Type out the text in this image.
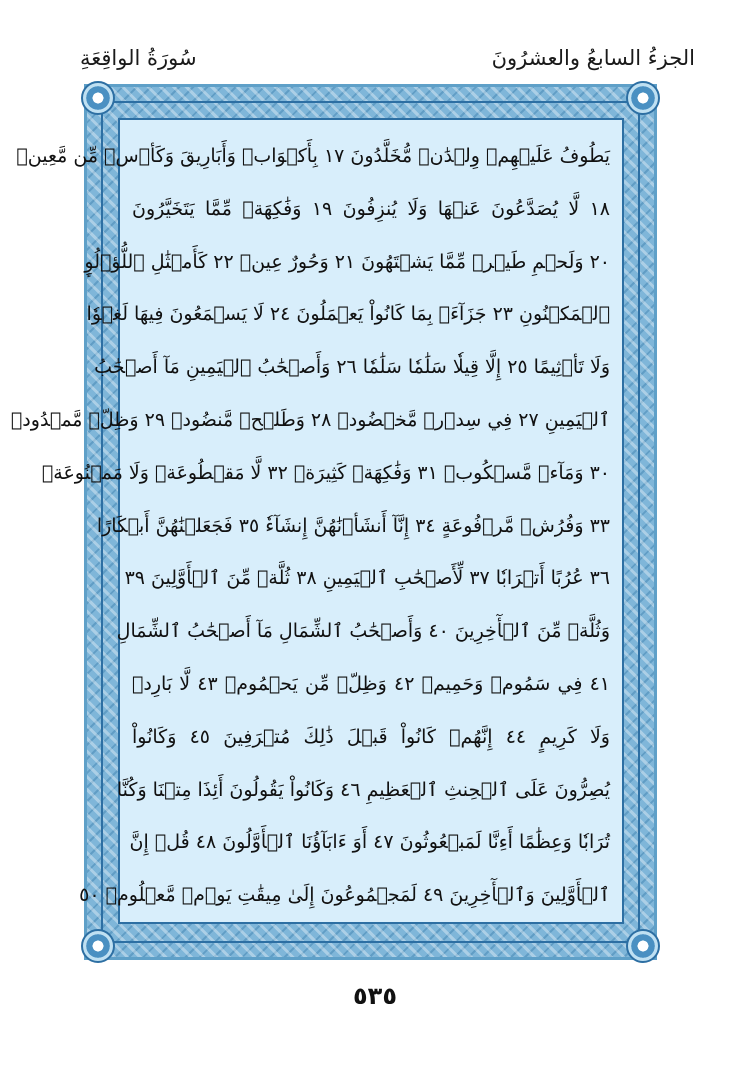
الجزءُ السابعُ والعشرُونَ
سُورَةُ الواقِعَةِ
يَطُوفُ عَلَيۡهِمۡ وِلۡدَٰنٞ مُّخَلَّدُونَ ١٧ بِأَكۡوَابٖ وَأَبَارِيقَ وَكَأۡسٖ مِّن مَّعِينٖ
١٨ لَّا يُصَدَّعُونَ عَنۡهَا وَلَا يُنزِفُونَ ١٩ وَفَٰكِهَةٖ مِّمَّا يَتَخَيَّرُونَ
٢٠ وَلَحۡمِ طَيۡرٖ مِّمَّا يَشۡتَهُونَ ٢١ وَحُورٌ عِينٞ ٢٢ كَأَمۡثَٰلِ ٱللُّؤۡلُوِٕ
ٱلۡمَكۡنُونِ ٢٣ جَزَآءَۢ بِمَا كَانُواْ يَعۡمَلُونَ ٢٤ لَا يَسۡمَعُونَ فِيهَا لَغۡوٗا
وَلَا تَأۡثِيمًا ٢٥ إِلَّا قِيلٗا سَلَٰمٗا سَلَٰمٗا ٢٦ وَأَصۡحَٰبُ ٱلۡيَمِينِ مَآ أَصۡحَٰبُ
ٱلۡيَمِينِ ٢٧ فِي سِدۡرٖ مَّخۡضُودٖ ٢٨ وَطَلۡحٖ مَّنضُودٖ ٢٩ وَظِلّٖ مَّمۡدُودٖ
٣٠ وَمَآءٖ مَّسۡكُوبٖ ٣١ وَفَٰكِهَةٖ كَثِيرَةٖ ٣٢ لَّا مَقۡطُوعَةٖ وَلَا مَمۡنُوعَةٖ
٣٣ وَفُرُشٖ مَّرۡفُوعَةٍ ٣٤ إِنَّآ أَنشَأۡنَٰهُنَّ إِنشَآءٗ ٣٥ فَجَعَلۡنَٰهُنَّ أَبۡكَارًا
٣٦ عُرُبًا أَتۡرَابٗا ٣٧ لِّأَصۡحَٰبِ ٱلۡيَمِينِ ٣٨ ثُلَّةٞ مِّنَ ٱلۡأَوَّلِينَ ٣٩
وَثُلَّةٞ مِّنَ ٱلۡأٓخِرِينَ ٤٠ وَأَصۡحَٰبُ ٱلشِّمَالِ مَآ أَصۡحَٰبُ ٱلشِّمَالِ
٤١ فِي سَمُومٖ وَحَمِيمٖ ٤٢ وَظِلّٖ مِّن يَحۡمُومٖ ٤٣ لَّا بَارِدٖ
وَلَا كَرِيمٍ ٤٤ إِنَّهُمۡ كَانُواْ قَبۡلَ ذَٰلِكَ مُتۡرَفِينَ ٤٥ وَكَانُواْ
يُصِرُّونَ عَلَى ٱلۡحِنثِ ٱلۡعَظِيمِ ٤٦ وَكَانُواْ يَقُولُونَ أَئِذَا مِتۡنَا وَكُنَّا
تُرَابٗا وَعِظَٰمًا أَءِنَّا لَمَبۡعُوثُونَ ٤٧ أَوَ ءَابَآؤُنَا ٱلۡأَوَّلُونَ ٤٨ قُلۡ إِنَّ
ٱلۡأَوَّلِينَ وَٱلۡأٓخِرِينَ ٤٩ لَمَجۡمُوعُونَ إِلَىٰ مِيقَٰتِ يَوۡمٖ مَّعۡلُومٖ ٥٠
٥٣٥
